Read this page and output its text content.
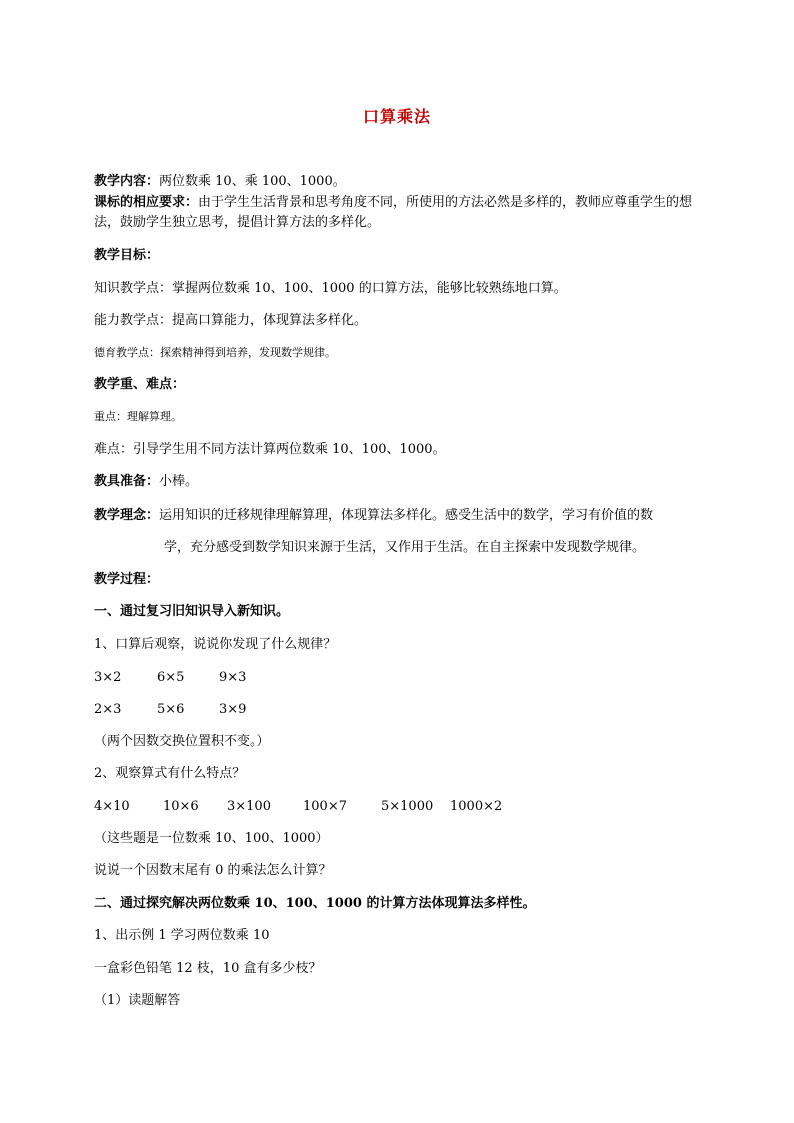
口算乘法
教学内容：两位数乘 10、乘 100、1000。
课标的相应要求：由于学生生活背景和思考角度不同，所使用的方法必然是多样的，教师应尊重学生的想法，鼓励学生独立思考，提倡计算方法的多样化。
教学目标：
知识教学点：掌握两位数乘 10、100、1000 的口算方法，能够比较熟练地口算。
能力教学点：提高口算能力，体现算法多样化。
德育教学点：探索精神得到培养，发现数学规律。
教学重、难点：
重点：理解算理。
难点：引导学生用不同方法计算两位数乘 10、100、1000。
教具准备：小棒。
教学理念：运用知识的迁移规律理解算理，体现算法多样化。感受生活中的数学，学习有价值的数
学，充分感受到数学知识来源于生活，又作用于生活。在自主探索中发现数学规律。
教学过程：
一、通过复习旧知识导入新知识。
1、口算后观察，说说你发现了什么规律？
3×2	6×5	9×3
2×3	5×6	3×9
（两个因数交换位置积不变。）
2、观察算式有什么特点？
4×10	10×6 3×100 100×7	5×1000 1000×2
（这些题是一位数乘 10、100、1000）
说说一个因数末尾有 0 的乘法怎么计算？
二、通过探究解决两位数乘 10、100、1000 的计算方法体现算法多样性。
1、出示例 1 学习两位数乘 10
一盒彩色铅笔 12 枝，10 盒有多少枝？
（1）读题解答
